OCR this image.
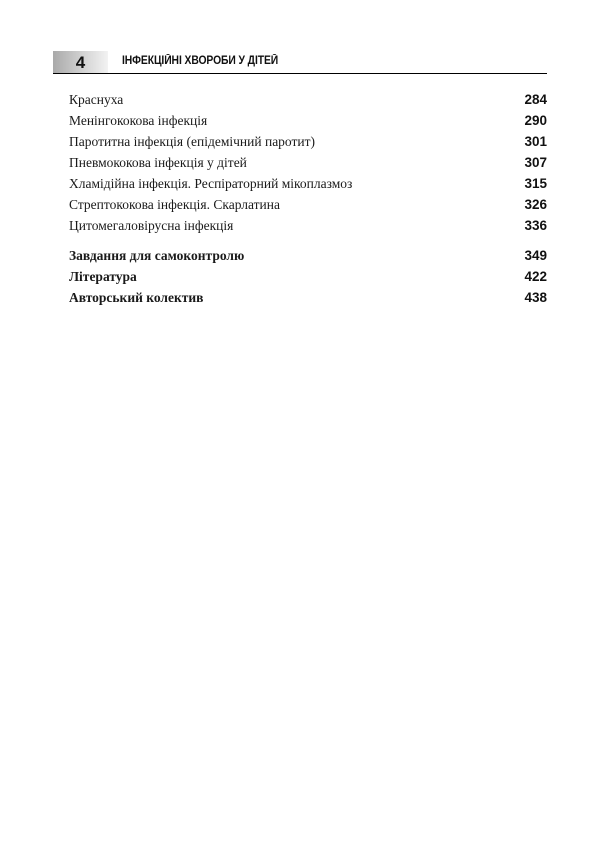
4	ІНФЕКЦІЙНІ ХВОРОБИ У ДІТЕЙ
Краснуха	284
Менінгококова інфекція	290
Паротитна інфекція (епідемічний паротит)	301
Пневмококова інфекція у дітей	307
Хламідійна інфекція. Респіраторний мікоплазмоз	315
Стрептококова інфекція. Скарлатина	326
Цитомегаловірусна інфекція	336
Завдання для самоконтролю	349
Література	422
Авторський колектив	438
